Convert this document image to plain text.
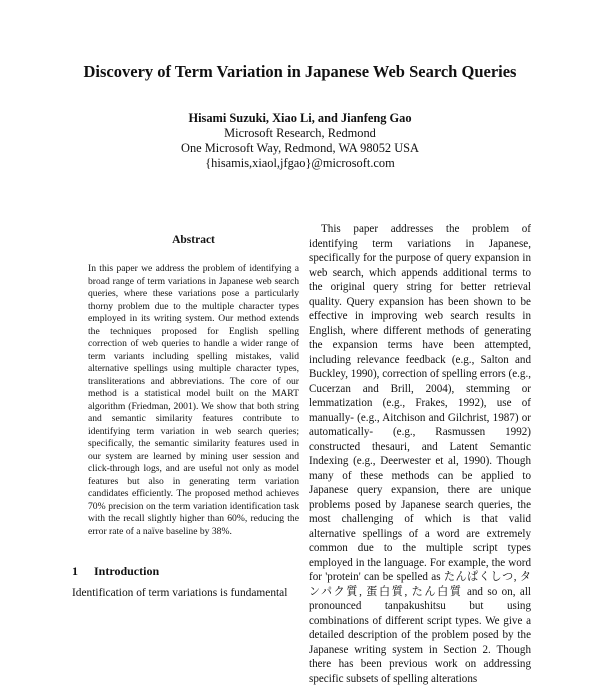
Discovery of Term Variation in Japanese Web Search Queries
Hisami Suzuki, Xiao Li, and Jianfeng Gao
Microsoft Research, Redmond
One Microsoft Way, Redmond, WA 98052 USA
{hisamis,xiaol,jfgao}@microsoft.com
Abstract

In this paper we address the problem of identifying a broad range of term variations in Japanese web search queries, where these variations pose a particularly thorny problem due to the multiple character types employed in its writing system. Our method extends the techniques proposed for English spelling correction of web queries to handle a wider range of term variants including spelling mistakes, valid alternative spellings using multiple character types, transliterations and abbreviations. The core of our method is a statistical model built on the MART algorithm (Friedman, 2001). We show that both string and semantic similarity features contribute to identifying term variation in web search queries; specifically, the semantic similarity features used in our system are learned by mining user session and click-through logs, and are useful not only as model features but also in generating term variation candidates efficiently. The proposed method achieves 70% precision on the term variation identification task with the recall slightly higher than 60%, reducing the error rate of a naïve baseline by 38%.

1 Introduction
Identification of term variations is fundamental

This paper addresses the problem of identifying term variations in Japanese, specifically for the purpose of query expansion in web search, which appends additional terms to the original query string for better retrieval quality. Query expansion has been shown to be effective in improving web search results in English, where different methods of generating the expansion terms have been attempted, including relevance feedback (e.g., Salton and Buckley, 1990), correction of spelling errors (e.g., Cucerzan and Brill, 2004), stemming or lemmatization (e.g., Frakes, 1992), use of manually- (e.g., Aitchison and Gilchrist, 1987) or automatically- (e.g., Rasmussen 1992) constructed thesauri, and Latent Semantic Indexing (e.g., Deerwester et al, 1990). Though many of these methods can be applied to Japanese query expansion, there are unique problems posed by Japanese search queries, the most challenging of which is that valid alternative spellings of a word are extremely common due to the multiple script types employed in the language. For example, the word for 'protein' can be spelled as たんぱくしつ, タンパク質, 蛋白質, たん白質 and so on, all pronounced tanpakushitsu but using combinations of different script types. We give a detailed description of the problem posed by the Japanese writing system in Section 2. Though there has been previous work on addressing specific subsets of spelling alterations
